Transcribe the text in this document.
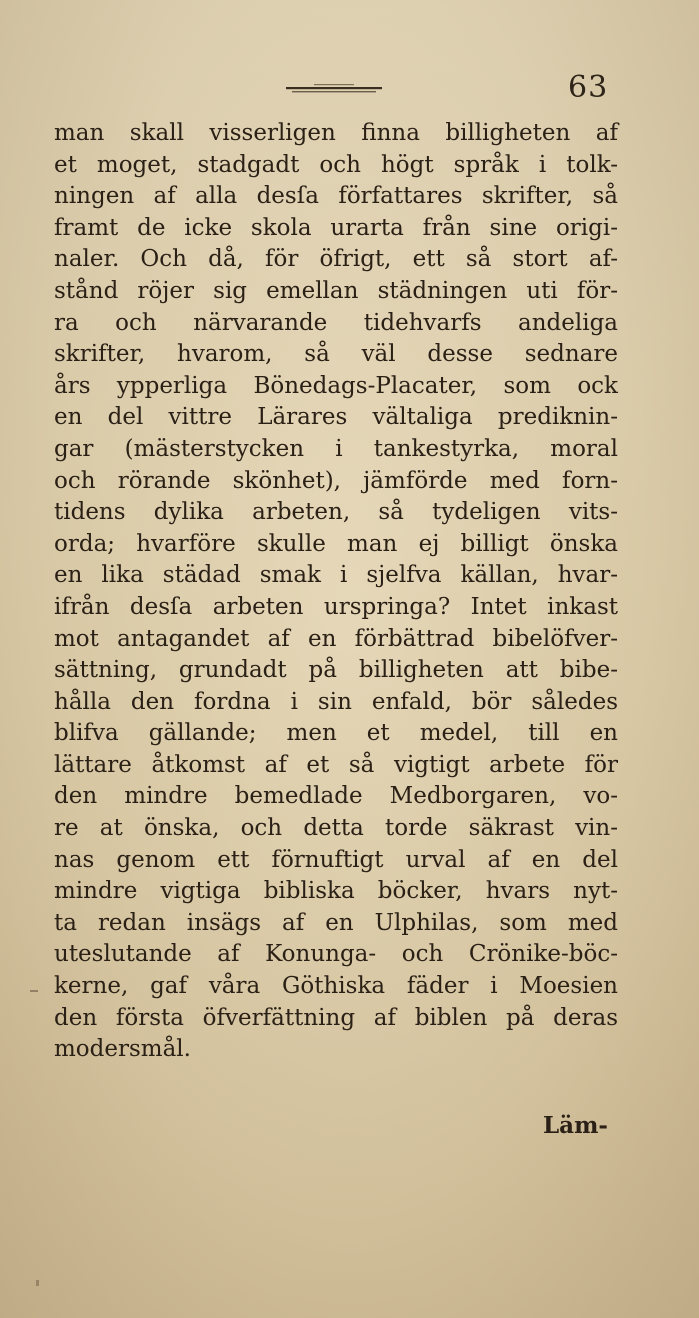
63
man skall visserligen finna billigheten af
et moget, stadgadt och högt språk i tolk-
ningen af alla desſa författares skrifter, så
framt de icke skola urarta från sine origi-
naler. Och då, för öfrigt, ett så stort af-
stånd röjer sig emellan städningen uti för-
ra och närvarande tidehvarfs andeliga
skrifter, hvarom, så väl desse sednare
års ypperliga Bönedags-Placater, som ock
en del vittre Lärares vältaliga prediknin-
gar (mästerstycken i tankestyrka, moral
och rörande skönhet), jämförde med forn-
tidens dylika arbeten, så tydeligen vits-
orda; hvarföre skulle man ej billigt önska
en lika städad smak i sjelfva källan, hvar-
ifrån desſa arbeten urspringa? Intet inkast
mot antagandet af en förbättrad bibelöfver-
sättning, grundadt på billigheten att bibe-
hålla den fordna i sin enfald, bör således
blifva gällande; men et medel, till en
lättare åtkomst af et så vigtigt arbete för
den mindre bemedlade Medborgaren, vo-
re at önska, och detta torde säkrast vin-
nas genom ett förnuftigt urval af en del
mindre vigtiga bibliska böcker, hvars nyt-
ta redan insägs af en Ulphilas, som med
uteslutande af Konunga- och Crönike-böc-
kerne, gaf våra Göthiska fäder i Moesien
den första öfverfättning af biblen på deras
modersmål.
Läm-
